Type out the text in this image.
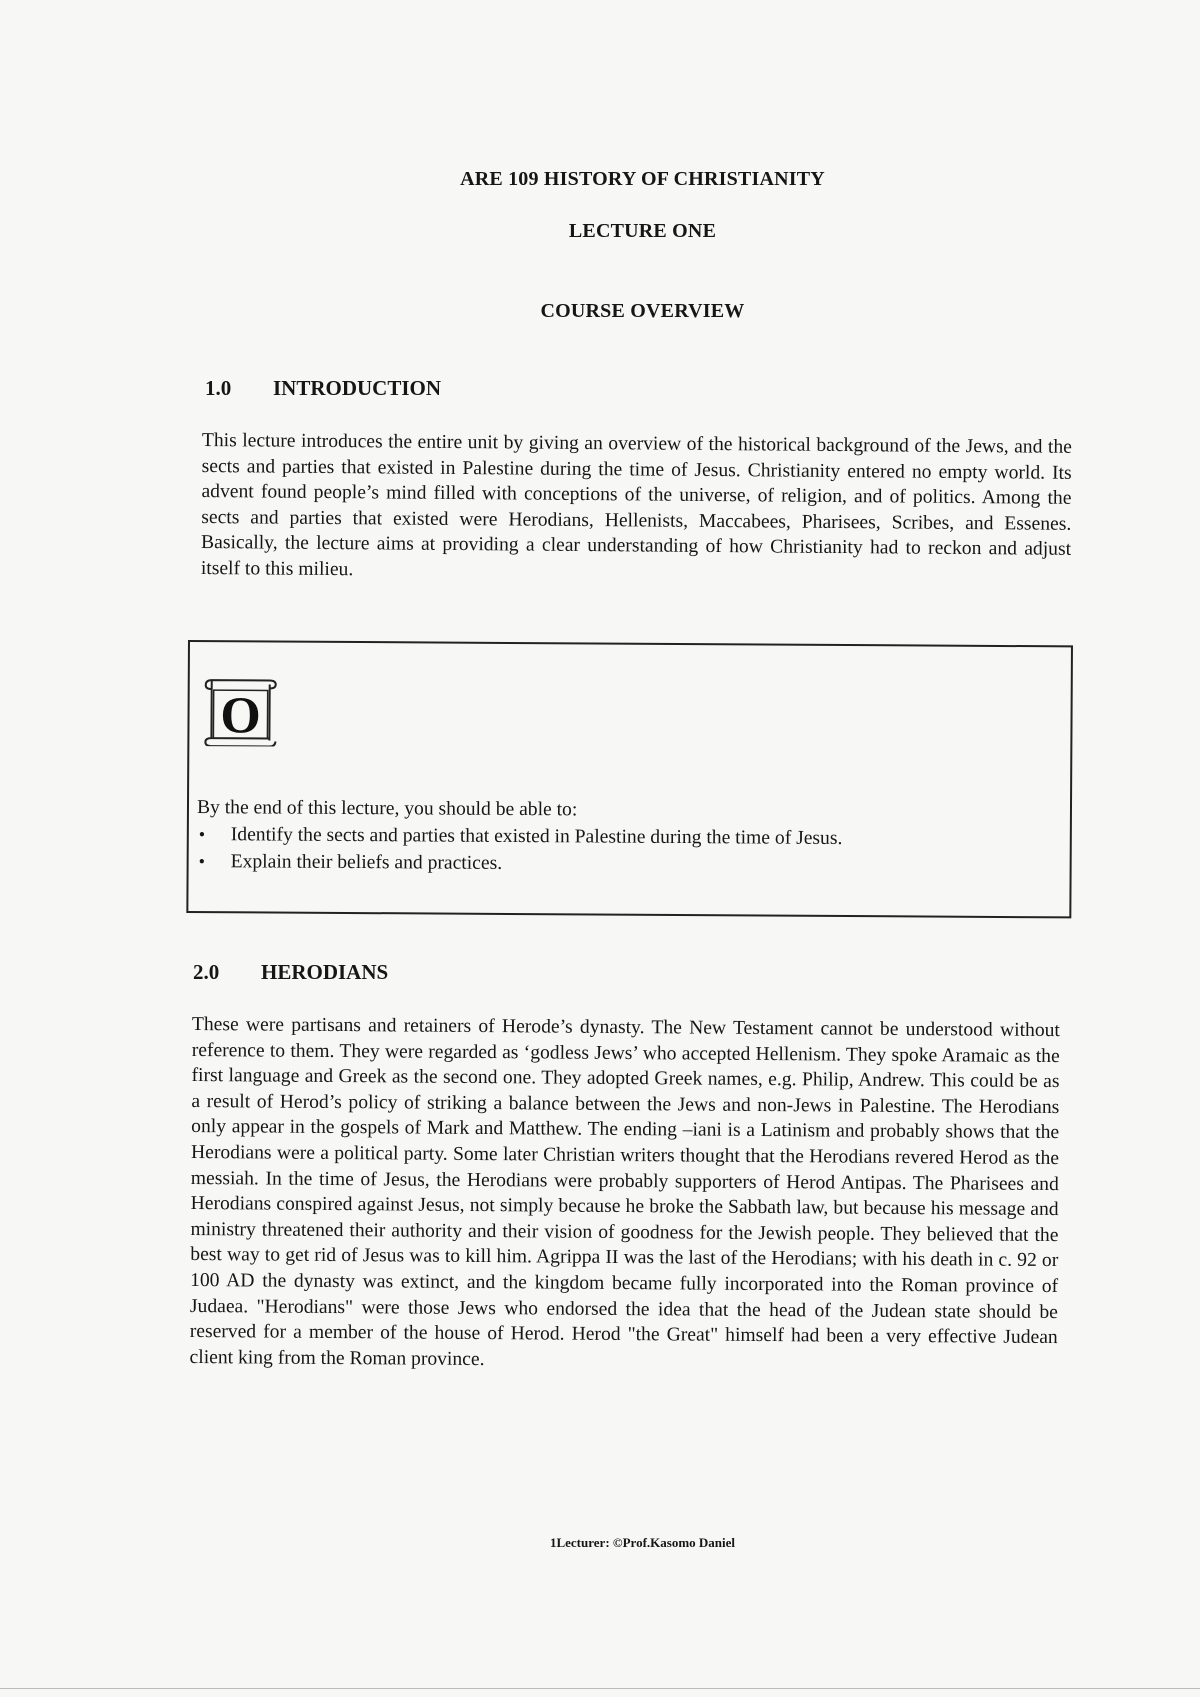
ARE 109 HISTORY OF CHRISTIANITY
LECTURE ONE
COURSE OVERVIEW
1.0 INTRODUCTION

This lecture introduces the entire unit by giving an overview of the historical background of the Jews, and the sects and parties that existed in Palestine during the time of Jesus. Christianity entered no empty world. Its advent found people’s mind filled with conceptions of the universe, of religion, and of politics. Among the sects and parties that existed were Herodians, Hellenists, Maccabees, Pharisees, Scribes, and Essenes. Basically, the lecture aims at providing a clear understanding of how Christianity had to reckon and adjust itself to this milieu.

O
By the end of this lecture, you should be able to:
• Identify the sects and parties that existed in Palestine during the time of Jesus.
• Explain their beliefs and practices.
2.0 HERODIANS

These were partisans and retainers of Herode’s dynasty. The New Testament cannot be understood without reference to them. They were regarded as ‘godless Jews’ who accepted Hellenism. They spoke Aramaic as the first language and Greek as the second one. They adopted Greek names, e.g. Philip, Andrew. This could be as a result of Herod’s policy of striking a balance between the Jews and non-Jews in Palestine. The Herodians only appear in the gospels of Mark and Matthew. The ending –iani is a Latinism and probably shows that the Herodians were a political party. Some later Christian writers thought that the Herodians revered Herod as the messiah. In the time of Jesus, the Herodians were probably supporters of Herod Antipas. The Pharisees and Herodians conspired against Jesus, not simply because he broke the Sabbath law, but because his message and ministry threatened their authority and their vision of goodness for the Jewish people. They believed that the best way to get rid of Jesus was to kill him. Agrippa II was the last of the Herodians; with his death in c. 92 or 100 AD the dynasty was extinct, and the kingdom became fully incorporated into the Roman province of Judaea. "Herodians" were those Jews who endorsed the idea that the head of the Judean state should be reserved for a member of the house of Herod. Herod "the Great" himself had been a very effective Judean client king from the Roman province.

1Lecturer: ©Prof.Kasomo Daniel
